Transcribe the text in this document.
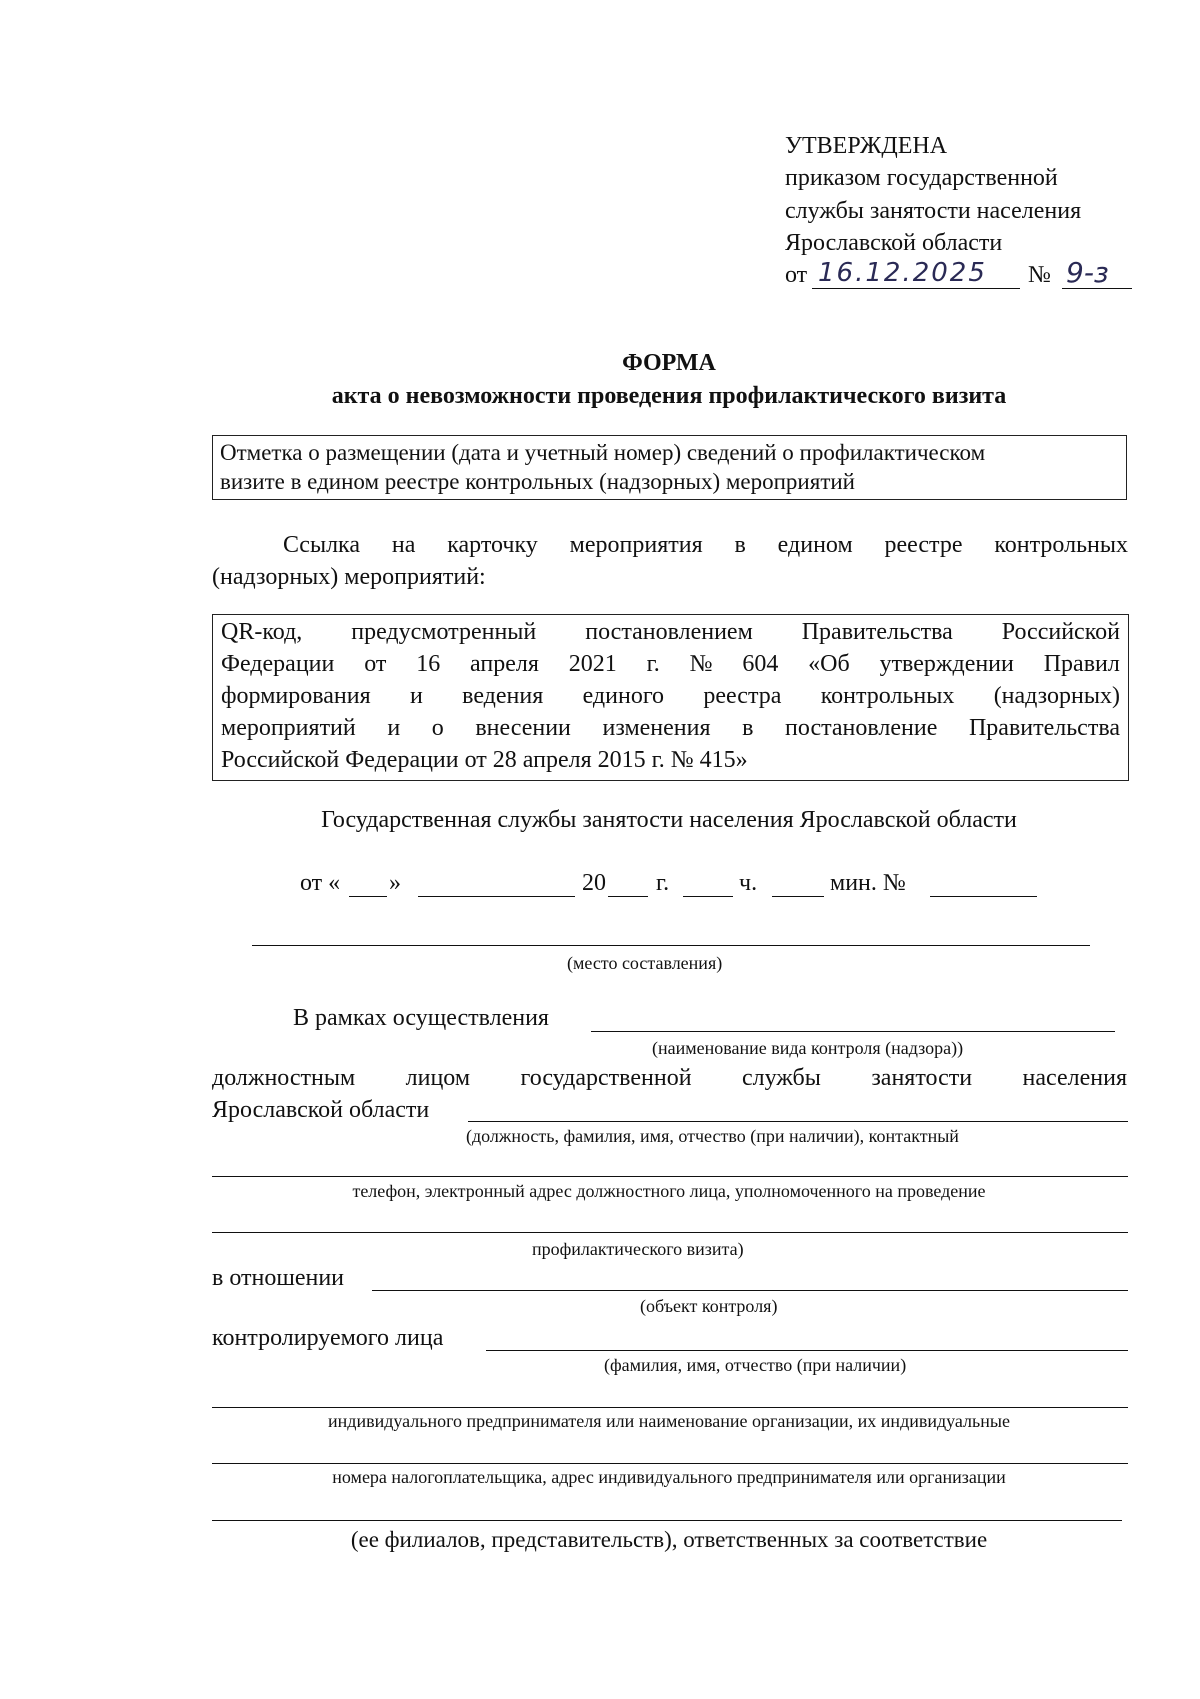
УТВЕРЖДЕНА
приказом государственной
службы занятости населения
Ярославской области
от 16.12.2025 № 9-з
ФОРМА
акта о невозможности проведения профилактического визита
Отметка о размещении (дата и учетный номер) сведений о профилактическом
визите в едином реестре контрольных (надзорных) мероприятий
Ссылка на карточку мероприятия в едином реестре контрольных
(надзорных) мероприятий:
QR-код, предусмотренный постановлением Правительства Российской
Федерации от 16 апреля 2021 г. № 604 «Об утверждении Правил
формирования и ведения единого реестра контрольных (надзорных)
мероприятий и о внесении изменения в постановление Правительства
Российской Федерации от 28 апреля 2015 г. № 415»
Государственная службы занятости населения Ярославской области
от « »	20 г.	ч.	мин. №
(место составления)
В рамках осуществления
(наименование вида контроля (надзора))
должностным лицом государственной службы занятости населения
Ярославской области
(должность, фамилия, имя, отчество (при наличии), контактный
телефон, электронный адрес должностного лица, уполномоченного на проведение
профилактического визита)
в отношении
(объект контроля)
контролируемого лица
(фамилия, имя, отчество (при наличии)
индивидуального предпринимателя или наименование организации, их индивидуальные
номера налогоплательщика, адрес индивидуального предпринимателя или организации
(ее филиалов, представительств), ответственных за соответствие
